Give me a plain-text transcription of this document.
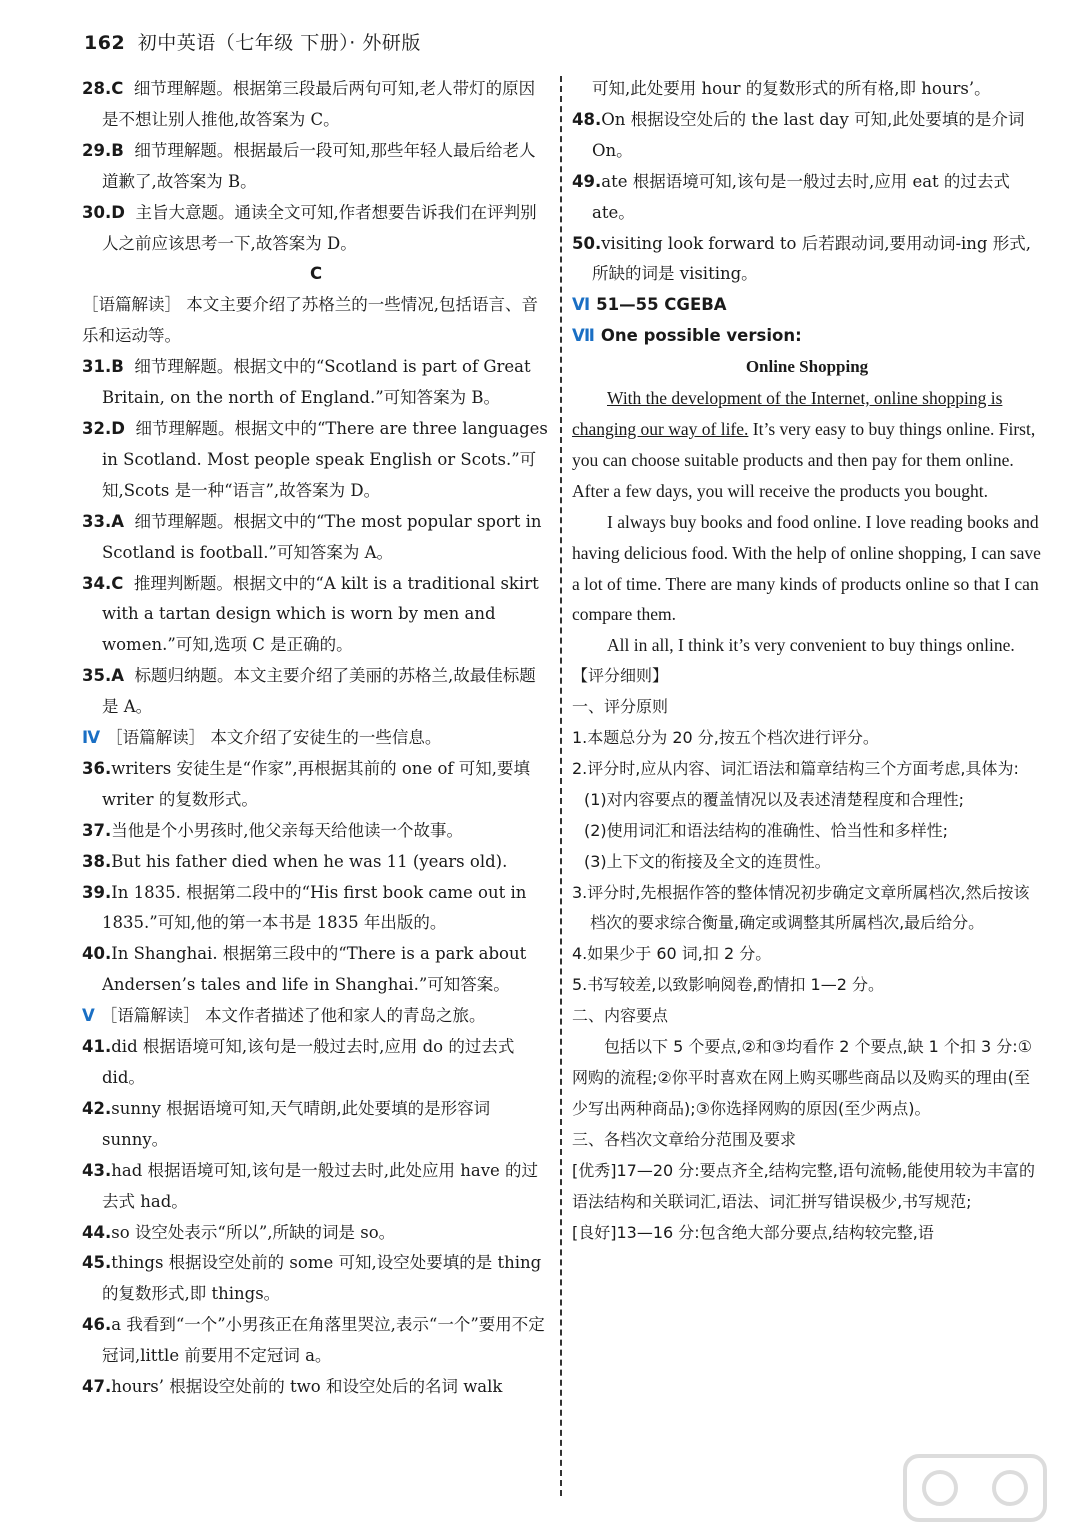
162 初中英语（七年级 下册）· 外研版
28.C 细节理解题。根据第三段最后两句可知,老人带灯的原因是不想让别人推他,故答案为 C。
29.B 细节理解题。根据最后一段可知,那些年轻人最后给老人道歉了,故答案为 B。
30.D 主旨大意题。通读全文可知,作者想要告诉我们在评判别人之前应该思考一下,故答案为 D。
C
［语篇解读］ 本文主要介绍了苏格兰的一些情况,包括语言、音乐和运动等。
31.B 细节理解题。根据文中的“Scotland is part of Great Britain, on the north of England.”可知答案为 B。
32.D 细节理解题。根据文中的“There are three languages in Scotland. Most people speak English or Scots.”可知,Scots 是一种“语言”,故答案为 D。
33.A 细节理解题。根据文中的“The most popular sport in Scotland is football.”可知答案为 A。
34.C 推理判断题。根据文中的“A kilt is a traditional skirt with a tartan design which is worn by men and women.”可知,选项 C 是正确的。
35.A 标题归纳题。本文主要介绍了美丽的苏格兰,故最佳标题是 A。
Ⅳ ［语篇解读］ 本文介绍了安徒生的一些信息。
36.writers 安徒生是“作家”,再根据其前的 one of 可知,要填 writer 的复数形式。
37.当他是个小男孩时,他父亲每天给他读一个故事。
38.But his father died when he was 11 (years old).
39.In 1835. 根据第二段中的“His first book came out in 1835.”可知,他的第一本书是 1835 年出版的。
40.In Shanghai. 根据第三段中的“There is a park about Andersen’s tales and life in Shanghai.”可知答案。
Ⅴ ［语篇解读］ 本文作者描述了他和家人的青岛之旅。
41.did 根据语境可知,该句是一般过去时,应用 do 的过去式 did。
42.sunny 根据语境可知,天气晴朗,此处要填的是形容词 sunny。
43.had 根据语境可知,该句是一般过去时,此处应用 have 的过去式 had。
44.so 设空处表示“所以”,所缺的词是 so。
45.things 根据设空处前的 some 可知,设空处要填的是 thing 的复数形式,即 things。
46.a 我看到“一个”小男孩正在角落里哭泣,表示“一个”要用不定冠词,little 前要用不定冠词 a。
47.hours’ 根据设空处前的 two 和设空处后的名词 walk
可知,此处要用 hour 的复数形式的所有格,即 hours’。
48.On 根据设空处后的 the last day 可知,此处要填的是介词 On。
49.ate 根据语境可知,该句是一般过去时,应用 eat 的过去式 ate。
50.visiting look forward to 后若跟动词,要用动词-ing 形式,所缺的词是 visiting。
Ⅵ 51—55 CGEBA
Ⅶ One possible version:
Online Shopping
With the development of the Internet, online shopping is changing our way of life. It’s very easy to buy things online. First, you can choose suitable products and then pay for them online. After a few days, you will receive the products you bought.
I always buy books and food online. I love reading books and having delicious food. With the help of online shopping, I can save a lot of time. There are many kinds of products online so that I can compare them.
All in all, I think it’s very convenient to buy things online.
【评分细则】
一、评分原则
1.本题总分为 20 分,按五个档次进行评分。
2.评分时,应从内容、词汇语法和篇章结构三个方面考虑,具体为:
(1)对内容要点的覆盖情况以及表述清楚程度和合理性;
(2)使用词汇和语法结构的准确性、恰当性和多样性;
(3)上下文的衔接及全文的连贯性。
3.评分时,先根据作答的整体情况初步确定文章所属档次,然后按该档次的要求综合衡量,确定或调整其所属档次,最后给分。
4.如果少于 60 词,扣 2 分。
5.书写较差,以致影响阅卷,酌情扣 1—2 分。
二、内容要点
包括以下 5 个要点,②和③均看作 2 个要点,缺 1 个扣 3 分:①网购的流程;②你平时喜欢在网上购买哪些商品以及购买的理由(至少写出两种商品);③你选择网购的原因(至少两点)。
三、各档次文章给分范围及要求
[优秀]17—20 分:要点齐全,结构完整,语句流畅,能使用较为丰富的语法结构和关联词汇,语法、词汇拼写错误极少,书写规范;
[良好]13—16 分:包含绝大部分要点,结构较完整,语
